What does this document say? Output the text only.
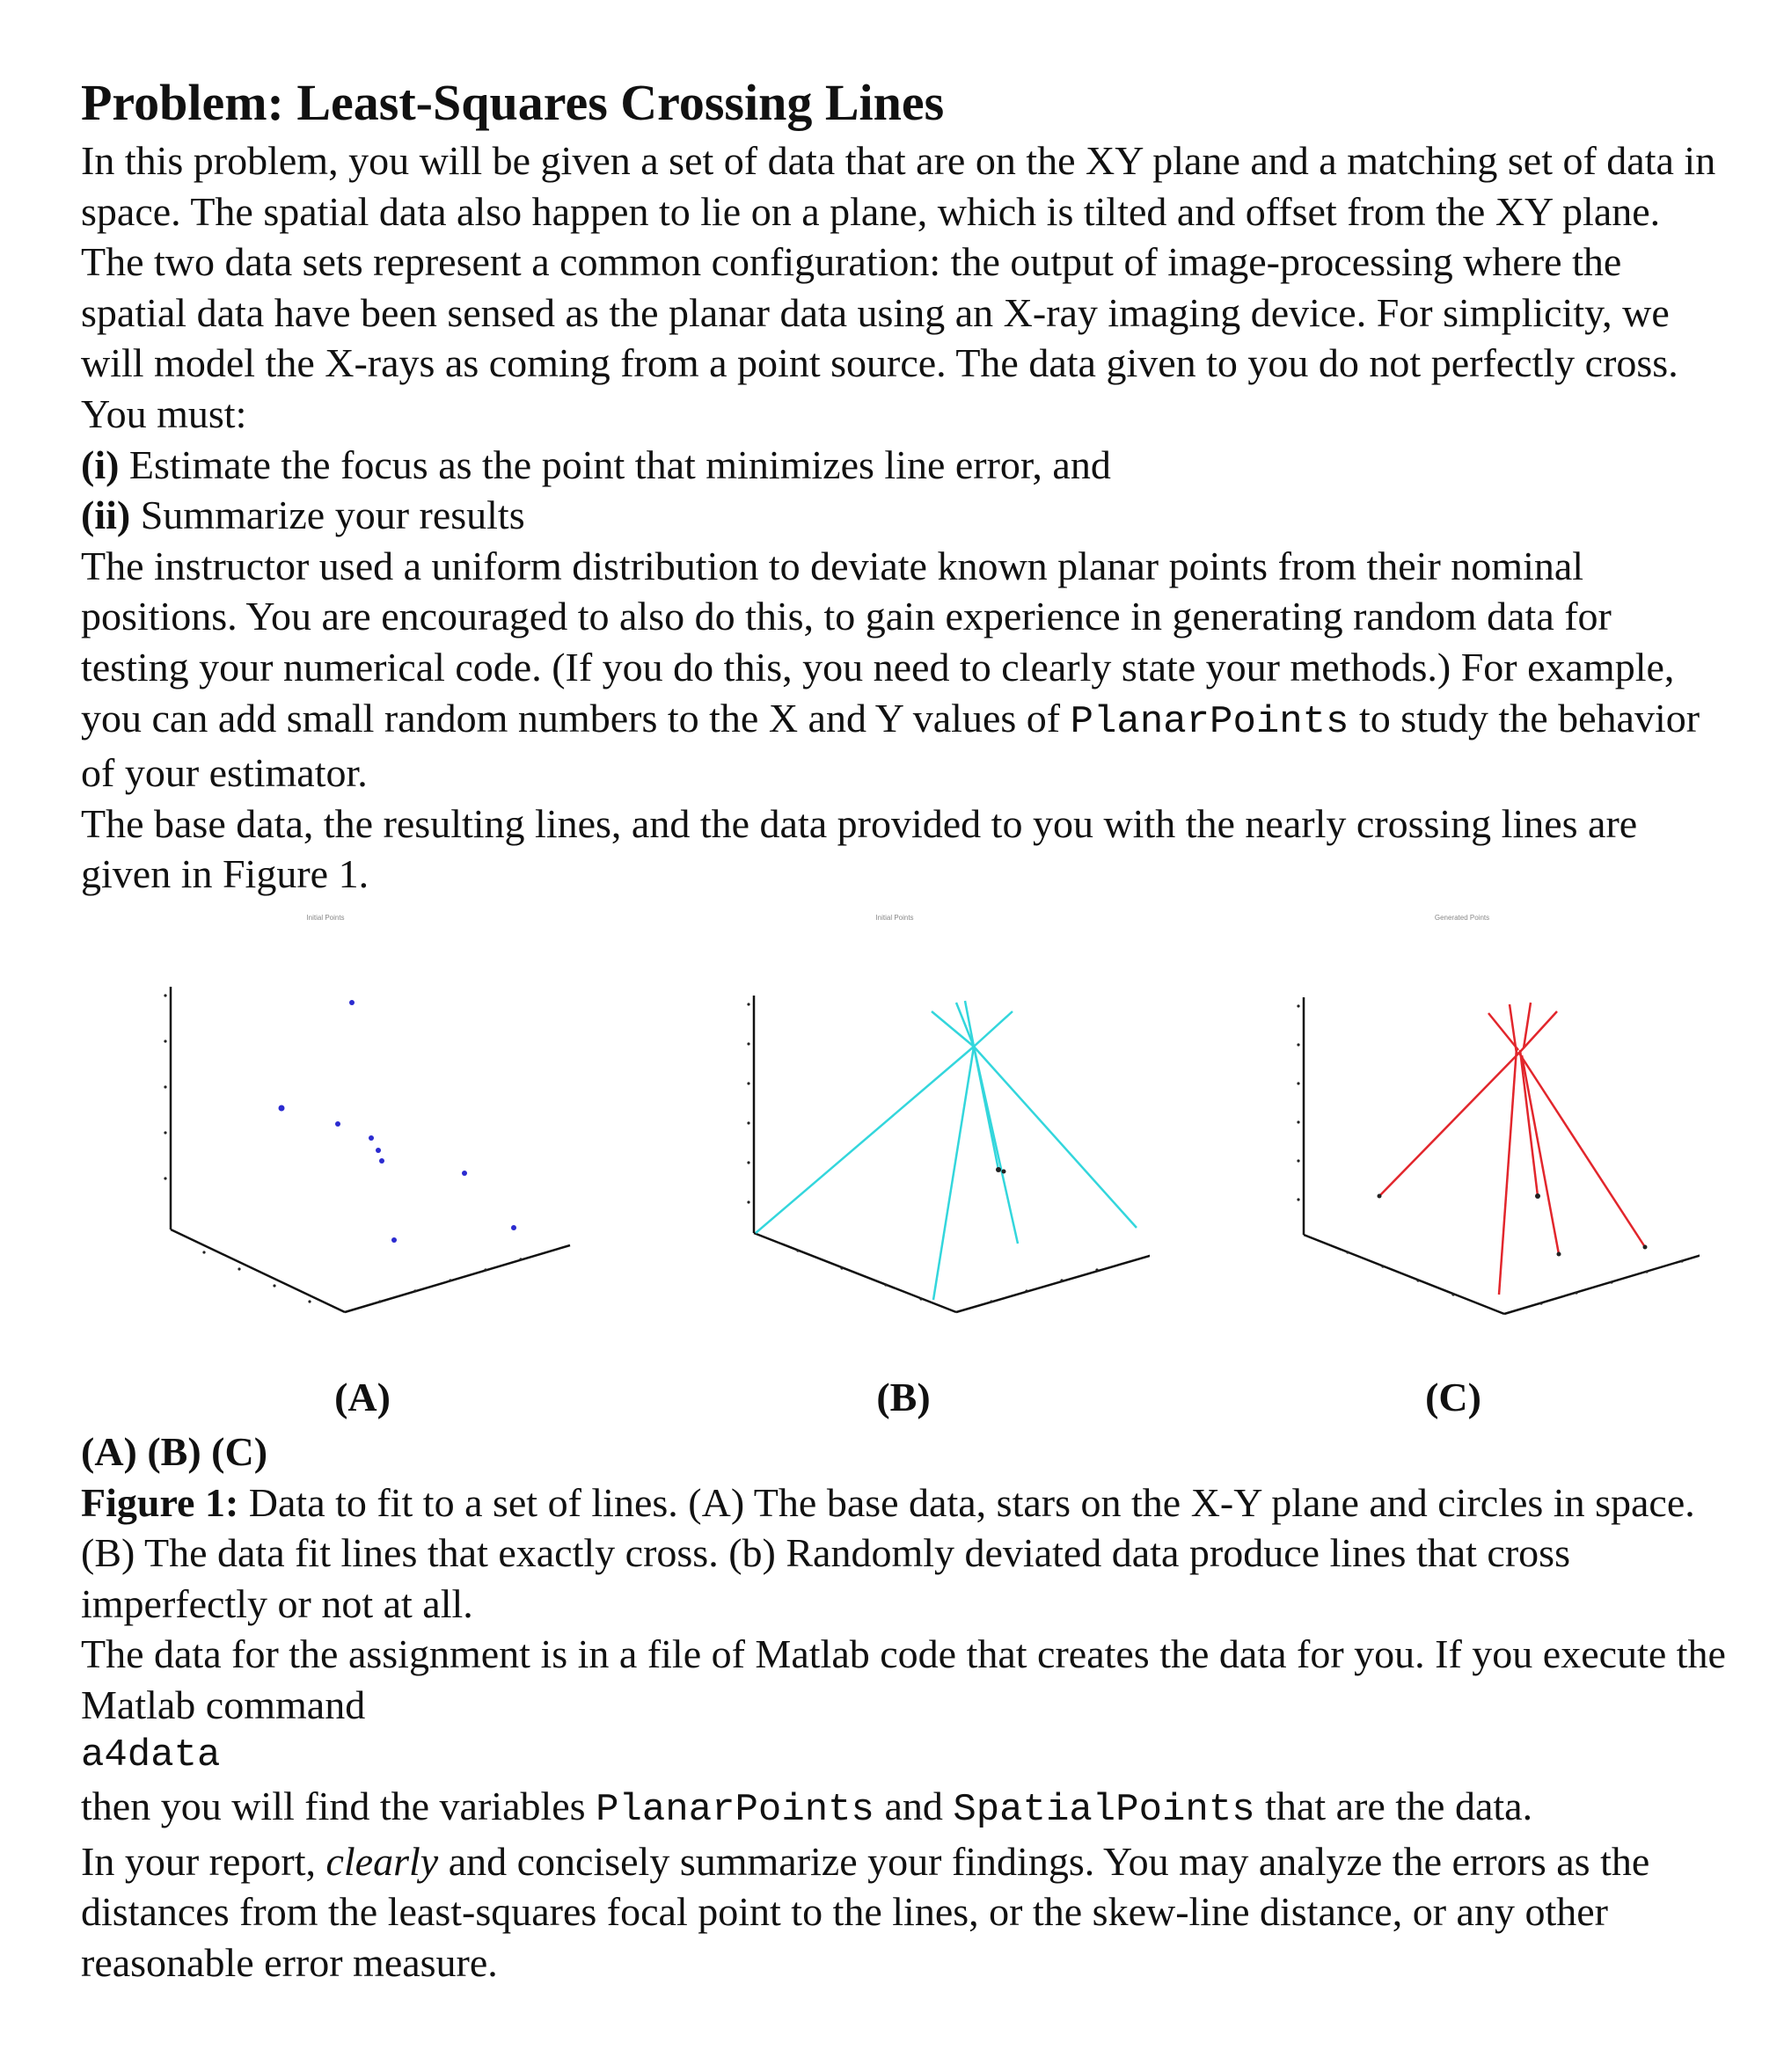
Problem: Least-Squares Crossing Lines

In this problem, you will be given a set of data that are on the XY plane and a matching set of data in space. The spatial data also happen to lie on a plane, which is tilted and offset from the XY plane. The two data sets represent a common configuration: the output of image-processing where the spatial data have been sensed as the planar data using an X-ray imaging device. For simplicity, we will model the X-rays as coming from a point source. The data given to you do not perfectly cross. You must:

(i) Estimate the focus as the point that minimizes line error, and

(ii) Summarize your results

The instructor used a uniform distribution to deviate known planar points from their nominal positions. You are encouraged to also do this, to gain experience in generating random data for testing your numerical code. (If you do this, you need to clearly state your methods.) For example, you can add small random numbers to the X and Y values of PlanarPoints to study the behavior of your estimator.

The base data, the resulting lines, and the data provided to you with the nearly crossing lines are given in Figure 1.

Initial Points
(A)
Initial Points
(B)
Generated Points
(C)

(A) (B) (C)

Figure 1: Data to fit to a set of lines. (A) The base data, stars on the X-Y plane and circles in space. (B) The data fit lines that exactly cross. (b) Randomly deviated data produce lines that cross imperfectly or not at all.

The data for the assignment is in a file of Matlab code that creates the data for you. If you execute the Matlab command

a4data

then you will find the variables PlanarPoints and SpatialPoints that are the data.

In your report, clearly and concisely summarize your findings. You may analyze the errors as the distances from the least-squares focal point to the lines, or the skew-line distance, or any other reasonable error measure.
